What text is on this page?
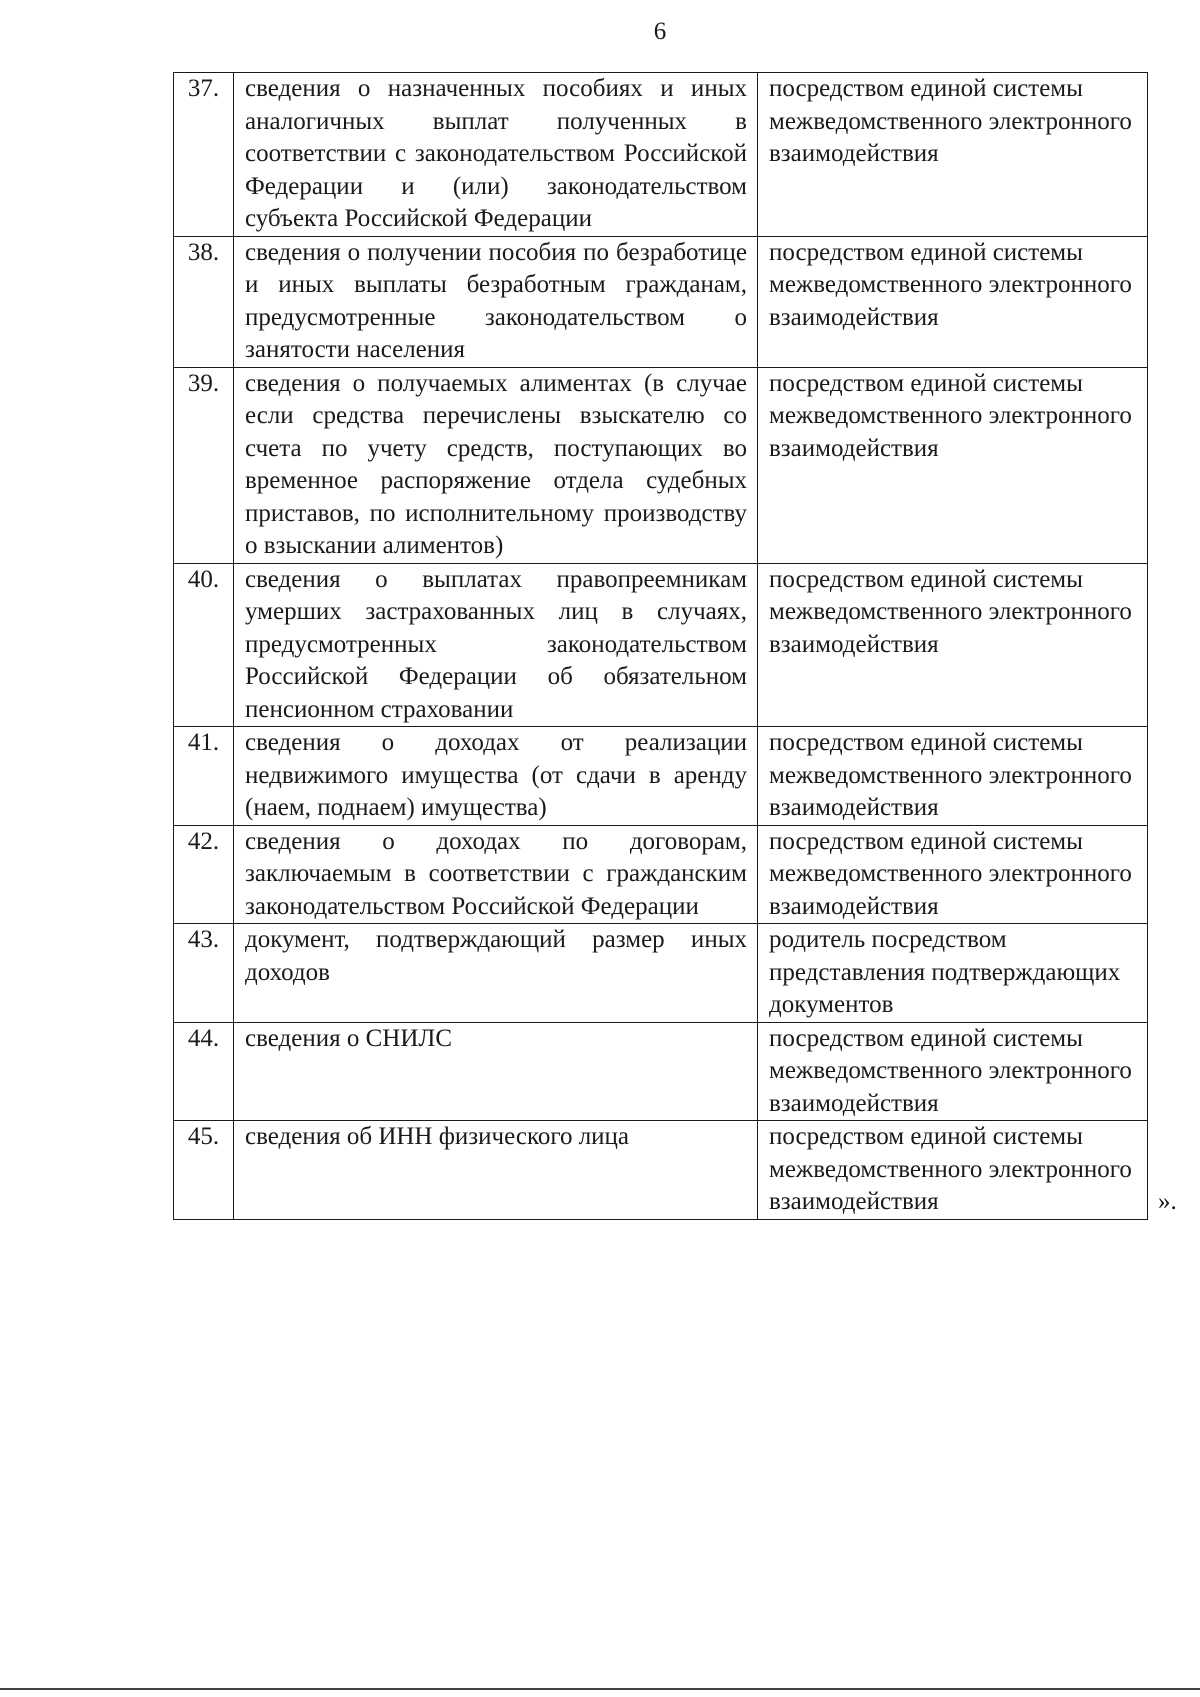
6
37.	сведения о назначенных пособиях и иных аналогичных выплат полученных в соответствии с законодательством Российской Федерации и (или) законодательством субъекта Российской Федерации	посредством единой системы межведомственного электронного взаимодействия
38.	сведения о получении пособия по безработице и иных выплаты безработным гражданам, предусмотренные законодательством о занятости населения	посредством единой системы межведомственного электронного взаимодействия
39.	сведения о получаемых алиментах (в случае если средства перечислены взыскателю со счета по учету средств, поступающих во временное распоряжение отдела судебных приставов, по исполнительному производству о взыскании алиментов)	посредством единой системы межведомственного электронного взаимодействия
40.	сведения о выплатах правопреемникам умерших застрахованных лиц в случаях, предусмотренных законодательством Российской Федерации об обязательном пенсионном страховании	посредством единой системы межведомственного электронного взаимодействия
41.	сведения о доходах от реализации недвижимого имущества (от сдачи в аренду (наем, поднаем) имущества)	посредством единой системы межведомственного электронного взаимодействия
42.	сведения о доходах по договорам, заключаемым в соответствии с гражданским законодательством Российской Федерации	посредством единой системы межведомственного электронного взаимодействия
43.	документ, подтверждающий размер иных доходов	родитель посредством представления подтверждающих документов
44.	сведения о СНИЛС	посредством единой системы межведомственного электронного взаимодействия
45.	сведения об ИНН физического лица	посредством единой системы межведомственного электронного взаимодействия	».
